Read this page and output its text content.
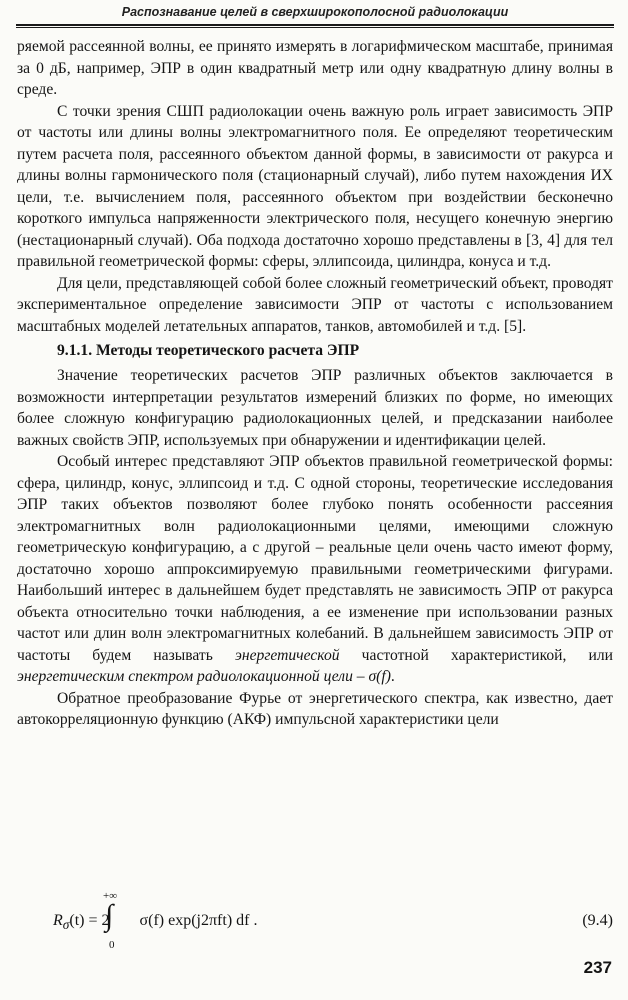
Распознавание целей в сверхширокополосной радиолокации

ряемой рассеянной волны, ее принято измерять в логарифмическом масштабе, принимая за 0 дБ, например, ЭПР в один квадратный метр или одну квадратную длину волны в среде.

С точки зрения СШП радиолокации очень важную роль играет зависимость ЭПР от частоты или длины волны электромагнитного поля. Ее определяют теоретическим путем расчета поля, рассеянного объектом данной формы, в зависимости от ракурса и длины волны гармонического поля (стационарный случай), либо путем нахождения ИХ цели, т.е. вычислением поля, рассеянного объектом при воздействии бесконечно короткого импульса напряженности электрического поля, несущего конечную энергию (нестационарный случай). Оба подхода достаточно хорошо представлены в [3, 4] для тел правильной геометрической формы: сферы, эллипсоида, цилиндра, конуса и т.д.

Для цели, представляющей собой более сложный геометрический объект, проводят экспериментальное определение зависимости ЭПР от частоты с использованием масштабных моделей летательных аппаратов, танков, автомобилей и т.д. [5].

9.1.1. Методы теоретического расчета ЭПР

Значение теоретических расчетов ЭПР различных объектов заключается в возможности интерпретации результатов измерений близких по форме, но имеющих более сложную конфигурацию радиолокационных целей, и предсказании наиболее важных свойств ЭПР, используемых при обнаружении и идентификации целей.

Особый интерес представляют ЭПР объектов правильной геометрической формы: сфера, цилиндр, конус, эллипсоид и т.д. С одной стороны, теоретические исследования ЭПР таких объектов позволяют более глубоко понять особенности рассеяния электромагнитных волн радиолокационными целями, имеющими сложную геометрическую конфигурацию, а с другой – реальные цели очень часто имеют форму, достаточно хорошо аппроксимируемую правильными геометрическими фигурами. Наибольший интерес в дальнейшем будет представлять не зависимость ЭПР от ракурса объекта относительно точки наблюдения, а ее изменение при использовании разных частот или длин волн электромагнитных колебаний. В дальнейшем зависимость ЭПР от частоты будем называть энергетической частотной характеристикой, или энергетическим спектром радиолокационной цели – σ(f).

Обратное преобразование Фурье от энергетического спектра, как известно, дает автокорреляционную функцию (АКФ) импульсной характеристики цели

$R_\sigma(t) = 2$ σ(f) exp(j2πft) df .
+∞
∫
0
(9.4)
237
